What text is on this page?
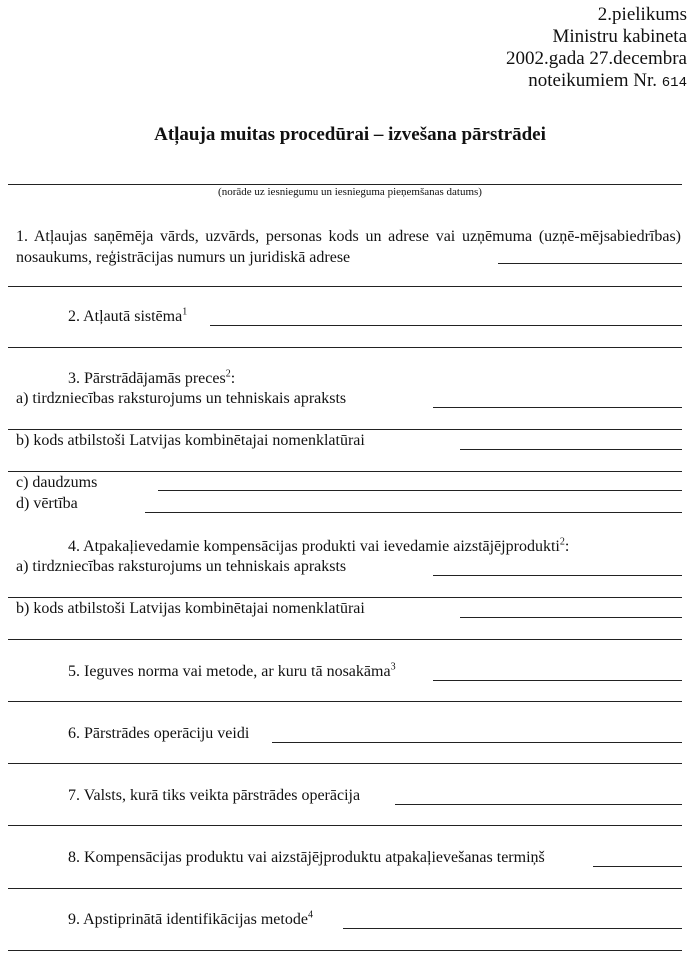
2.pielikums
Ministru kabineta
2002.gada 27.decembra
noteikumiem Nr. 614
Atļauja muitas procedūrai – izvešana pārstrādei
(norāde uz iesniegumu un iesnieguma pieņemšanas datums)
1. Atļaujas saņēmēja vārds, uzvārds, personas kods un adrese vai uzņēmuma (uzņē-mējsabiedrības) nosaukums, reģistrācijas numurs un juridiskā adrese
2. Atļautā sistēma$^1$
3. Pārstrādājamās preces$^2$:
a) tirdzniecības raksturojums un tehniskais apraksts
b) kods atbilstoši Latvijas kombinētajai nomenklatūrai
c) daudzums
d) vērtība
4. Atpakaļievedamie kompensācijas produkti vai ievedamie aizstājējprodukti$^2$:
a) tirdzniecības raksturojums un tehniskais apraksts
b) kods atbilstoši Latvijas kombinētajai nomenklatūrai
5. Ieguves norma vai metode, ar kuru tā nosakāma$^3$
6. Pārstrādes operāciju veidi
7. Valsts, kurā tiks veikta pārstrādes operācija
8. Kompensācijas produktu vai aizstājējproduktu atpakaļievešanas termiņš
9. Apstiprinātā identifikācijas metode$^4$
